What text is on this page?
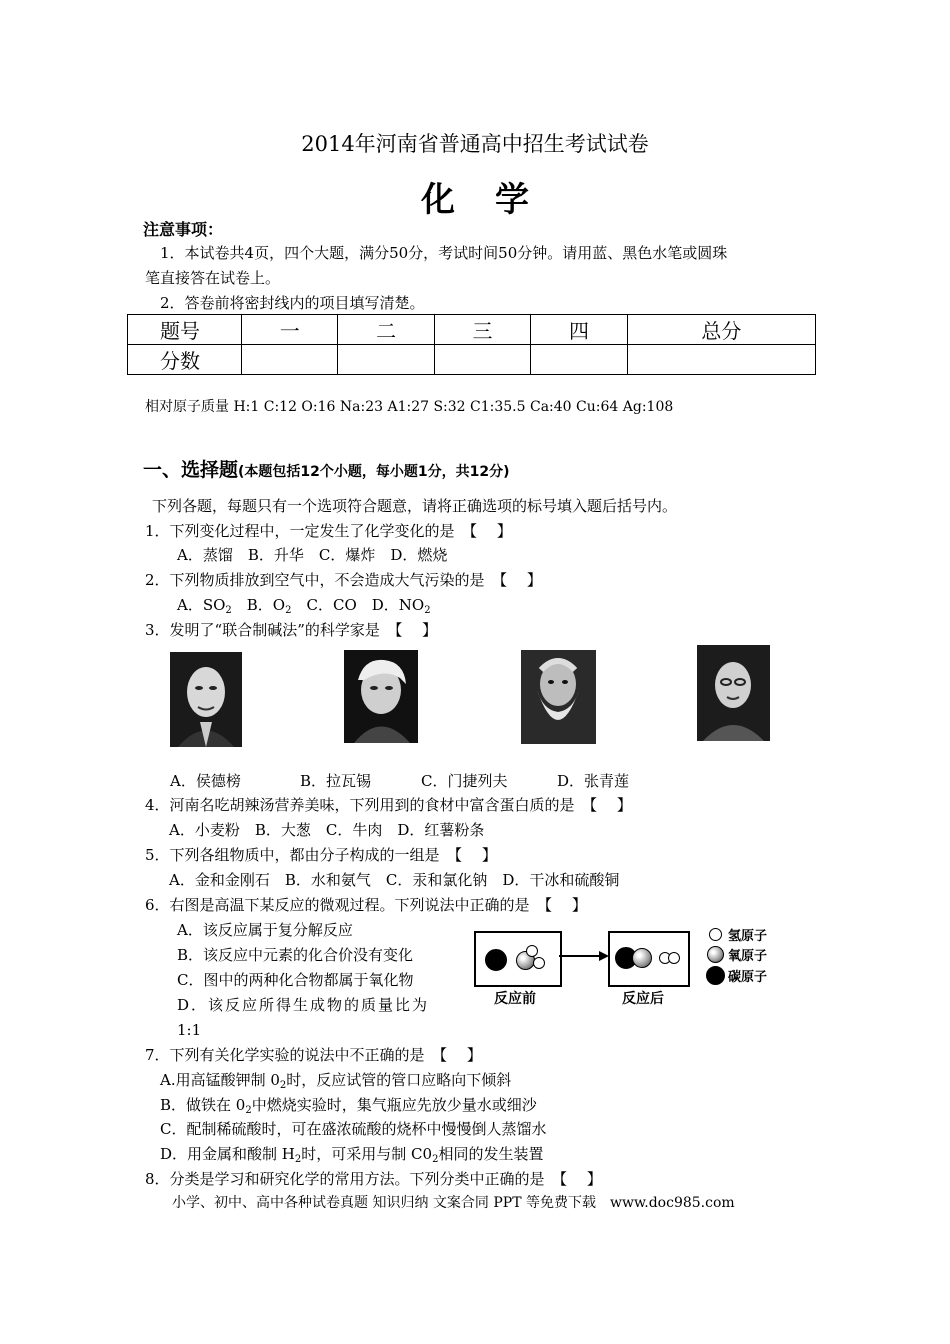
2014年河南省普通高中招生考试试卷
化学
注意事项：
1．本试卷共4页，四个大题，满分50分，考试时间50分钟。请用蓝、黑色水笔或圆珠
笔直接答在试卷上。
2．答卷前将密封线内的项目填写清楚。
题号	一	二	三	四	总分
分数					
相对原子质量 H:1 C:12 O:16 Na:23 A1:27 S:32 C1:35.5 Ca:40 Cu:64 Ag:108
一、选择题(本题包括12个小题，每小题1分，共12分)
下列各题，每题只有一个选项符合题意，请将正确选项的标号填入题后括号内。
1．下列变化过程中，一定发生了化学变化的是　【　 】
A．蒸馏　B．升华　C．爆炸　D．燃烧
2．下列物质排放到空气中，不会造成大气污染的是　【　 】
A．$SO_2$　B．$O_2$　C．CO　D．$NO_2$
3．发明了“联合制碱法”的科学家是　【　 】
A．侯德榜	B．拉瓦锡	C．门捷列夫	D．张青莲
4．河南名吃胡辣汤营养美味，下列用到的食材中富含蛋白质的是　【　 】
A．小麦粉　B．大葱　C．牛肉　D．红薯粉条
5．下列各组物质中，都由分子构成的一组是　【　 】
A．金和金刚石　B．水和氨气　C．汞和氯化钠　D．干冰和硫酸铜
6．右图是高温下某反应的微观过程。下列说法中正确的是　【　 】
A．该反应属于复分解反应
B．该反应中元素的化合价没有变化
C．图中的两种化合物都属于氧化物
D．该反应所得生成物的质量比为
1:1
反应前	反应后
氢原子
氧原子
碳原子
7．下列有关化学实验的说法中不正确的是　【　 】
A.用高锰酸钾制 $0_2$时，反应试管的管口应略向下倾斜
B．做铁在 $0_2$中燃烧实验时，集气瓶应先放少量水或细沙
C．配制稀硫酸时，可在盛浓硫酸的烧杯中慢慢倒人蒸馏水
D．用金属和酸制 $H_2$时，可采用与制 $C0_2$相同的发生装置
8．分类是学习和研究化学的常用方法。下列分类中正确的是　【　 】
小学、初中、高中各种试卷真题 知识归纳 文案合同 PPT 等免费下载　www.doc985.com
